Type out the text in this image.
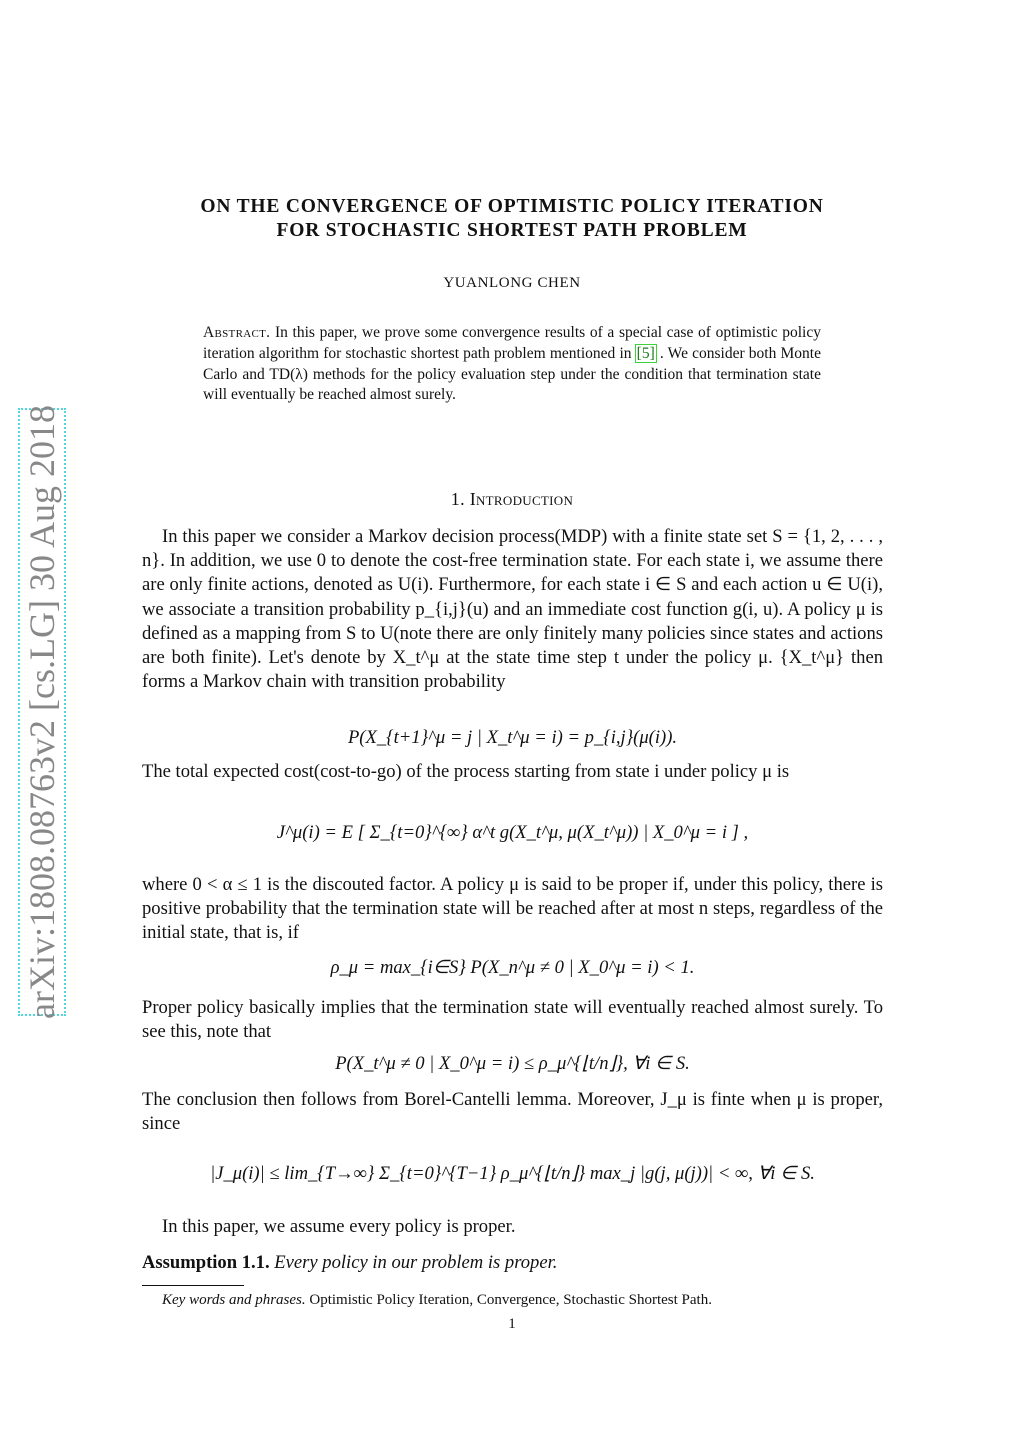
arXiv:1808.08763v2 [cs.LG] 30 Aug 2018
ON THE CONVERGENCE OF OPTIMISTIC POLICY ITERATION
FOR STOCHASTIC SHORTEST PATH PROBLEM
YUANLONG CHEN
Abstract. In this paper, we prove some convergence results of a special case of optimistic policy iteration algorithm for stochastic shortest path problem mentioned in [5] . We consider both Monte Carlo and TD(λ) methods for the policy evaluation step under the condition that termination state will eventually be reached almost surely.
1. Introduction
In this paper we consider a Markov decision process(MDP) with a finite state set S = {1, 2, . . . , n}. In addition, we use 0 to denote the cost-free termination state. For each state i, we assume there are only finite actions, denoted as U(i). Furthermore, for each state i ∈ S and each action u ∈ U(i), we associate a transition probability p_{i,j}(u) and an immediate cost function g(i, u). A policy μ is defined as a mapping from S to U(note there are only finitely many policies since states and actions are both finite). Let's denote by X_t^μ at the state time step t under the policy μ. {X_t^μ} then forms a Markov chain with transition probability
P(X_{t+1}^μ = j | X_t^μ = i) = p_{i,j}(μ(i)).
The total expected cost(cost-to-go) of the process starting from state i under policy μ is
J^μ(i) = E [ Σ_{t=0}^{∞} α^t g(X_t^μ, μ(X_t^μ)) | X_0^μ = i ] ,
where 0 < α ≤ 1 is the discouted factor. A policy μ is said to be proper if, under this policy, there is positive probability that the termination state will be reached after at most n steps, regardless of the initial state, that is, if
ρ_μ = max_{i∈S} P(X_n^μ ≠ 0 | X_0^μ = i) < 1.
Proper policy basically implies that the termination state will eventually reached almost surely. To see this, note that
P(X_t^μ ≠ 0 | X_0^μ = i) ≤ ρ_μ^{⌊t/n⌋}, ∀i ∈ S.
The conclusion then follows from Borel-Cantelli lemma. Moreover, J_μ is finte when μ is proper, since
|J_μ(i)| ≤ lim_{T→∞} Σ_{t=0}^{T−1} ρ_μ^{⌊t/n⌋} max_j |g(j, μ(j))| < ∞, ∀i ∈ S.
In this paper, we assume every policy is proper.
Assumption 1.1. Every policy in our problem is proper.
Key words and phrases. Optimistic Policy Iteration, Convergence, Stochastic Shortest Path.
1
